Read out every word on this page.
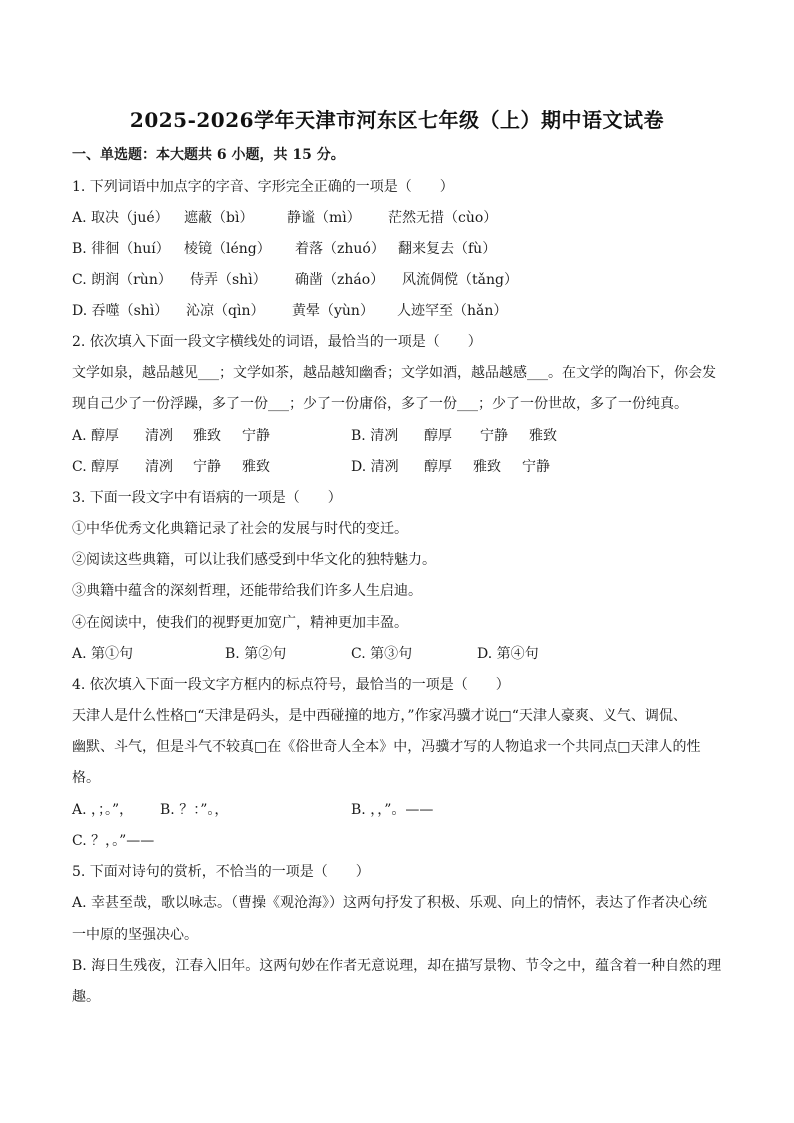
2025-2026学年天津市河东区七年级（上）期中语文试卷
一、单选题：本大题共 6 小题，共 15 分。
1. 下列词语中加点字的字音、字形完全正确的一项是（　　）
A. 取决（jué） 遮蔽（bì） 静谧（mì） 茫然无措（cùo）
B. 徘徊（huí） 棱镜（léng） 着落（zhuó） 翻来复去（fù）
C. 朗润（rùn） 侍弄（shì） 确凿（zháo） 风流倜傥（tǎng）
D. 吞噬（shì） 沁凉（qìn） 黄晕（yùn） 人迹罕至（hǎn）
2. 依次填入下面一段文字横线处的词语，最恰当的一项是（　　）
文学如泉，越品越见___；文学如茶，越品越知幽香；文学如酒，越品越感___。在文学的陶冶下，你会发
现自己少了一份浮躁，多了一份___；少了一份庸俗，多了一份___；少了一份世故，多了一份纯真。
A. 醇厚 清冽 雅致 宁静	B. 清冽 醇厚 宁静 雅致
C. 醇厚 清冽 宁静 雅致	D. 清冽 醇厚 雅致 宁静
3. 下面一段文字中有语病的一项是（　　）
①中华优秀文化典籍记录了社会的发展与时代的变迁。
②阅读这些典籍，可以让我们感受到中华文化的独特魅力。
③典籍中蕴含的深刻哲理，还能带给我们许多人生启迪。
④在阅读中，使我们的视野更加宽广，精神更加丰盈。
A. 第①句	B. 第②句	C. 第③句	D. 第④句
4. 依次填入下面一段文字方框内的标点符号，最恰当的一项是（　　）
天津人是什么性格□“天津是码头，是中西碰撞的地方，”作家冯骥才说□“天津人豪爽、义气、调侃、
幽默、斗气，但是斗气不较真□在《俗世奇人全本》中，冯骥才写的人物追求一个共同点□天津人的性
格。
A. ，；。”， B. ？：”。，	B. ，，”。——
C. ？，。”——
5. 下面对诗句的赏析，不恰当的一项是（　　）
A. 幸甚至哉，歌以咏志。（曹操《观沧海》）这两句抒发了积极、乐观、向上的情怀，表达了作者决心统
一中原的坚强决心。
B. 海日生残夜，江春入旧年。这两句妙在作者无意说理，却在描写景物、节令之中，蕴含着一种自然的理
趣。
